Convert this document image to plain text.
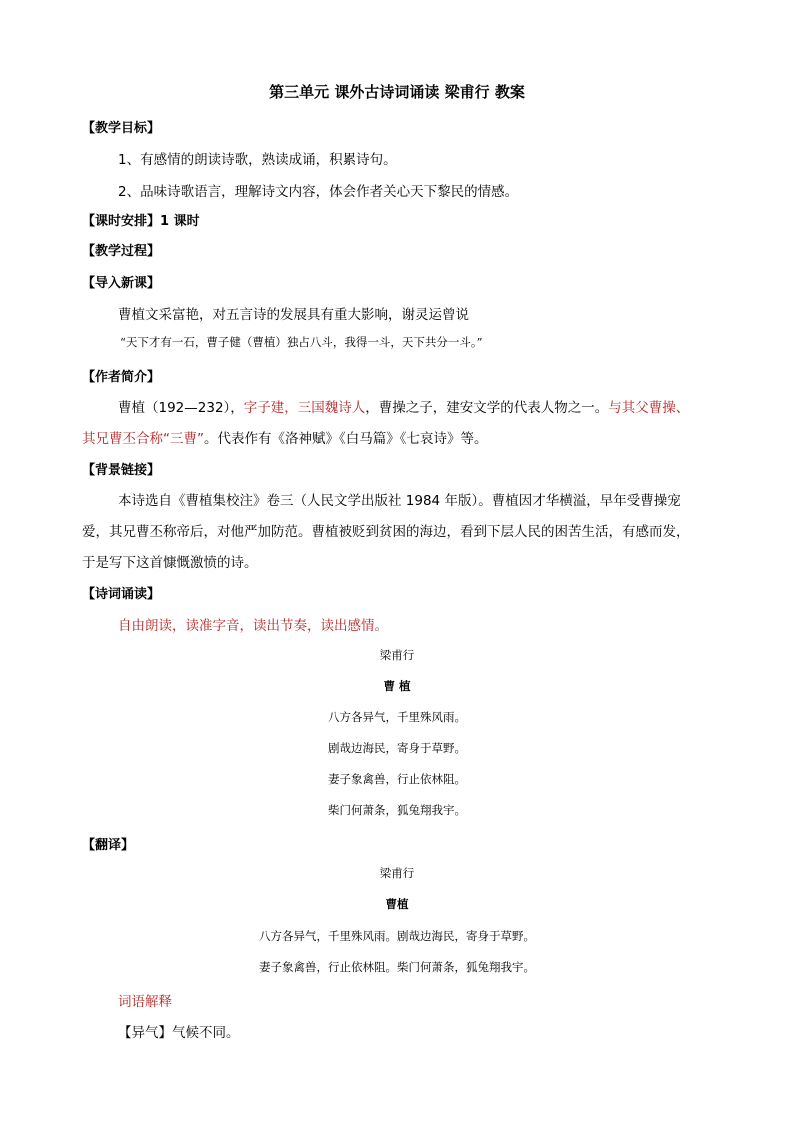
第三单元 课外古诗词诵读 梁甫行 教案
【教学目标】
1、有感情的朗读诗歌，熟读成诵，积累诗句。
2、品味诗歌语言，理解诗文内容，体会作者关心天下黎民的情感。
【课时安排】1 课时
【教学过程】
【导入新课】
曹植文采富艳，对五言诗的发展具有重大影响，谢灵运曾说
“天下才有一石，曹子健（曹植）独占八斗，我得一斗，天下共分一斗。”
【作者简介】
曹植（192—232），字子建，三国魏诗人，曹操之子，建安文学的代表人物之一。与其父曹操、
其兄曹丕合称“三曹”。代表作有《洛神赋》《白马篇》《七哀诗》等。
【背景链接】
本诗选自《曹植集校注》卷三（人民文学出版社 1984 年版）。曹植因才华横溢，早年受曹操宠
爱，其兄曹丕称帝后，对他严加防范。曹植被贬到贫困的海边，看到下层人民的困苦生活，有感而发，
于是写下这首慷慨激愤的诗。
【诗词诵读】
自由朗读，读准字音，读出节奏，读出感情。
梁甫行
曹 植
八方各异气，千里殊风雨。
剧哉边海民，寄身于草野。
妻子象禽兽，行止依林阻。
柴门何萧条，狐兔翔我宇。
【翻译】
梁甫行
曹植
八方各异气，千里殊风雨。剧哉边海民，寄身于草野。
妻子象禽兽，行止依林阻。柴门何萧条，狐兔翔我宇。
词语解释
【异气】气候不同。
